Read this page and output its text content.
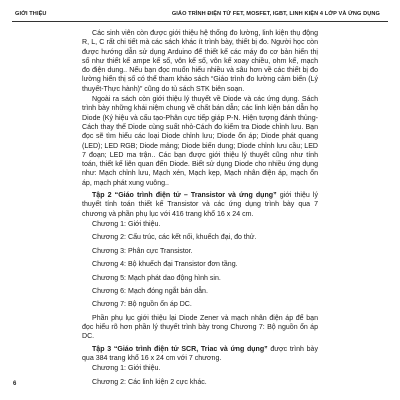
GIỚI THIỆU	GIÁO TRÌNH ĐIỆN TỬ FET, MOSFET, IGBT, LINH KIỆN 4 LỚP VÀ ỨNG DỤNG

Các sinh viên còn được giới thiệu hệ thống đo lường, linh kiện thụ động R, L, C rất chi tiết mà các sách khác ít trình bày, thiết bị đo. Người học còn được hướng dẫn sử dụng Arduino để thiết kế các máy đo cơ bản hiển thị số như thiết kế ampe kế số, vôn kế số, vôn kế xoay chiều, ohm kế, mạch đo điện dung.. Nếu bạn đọc muốn hiểu nhiều và sâu hơn về các thiết bị đo lường hiển thị số có thể tham khảo sách “Giáo trình đo lường cảm biến (Lý thuyết-Thực hành)” cũng do tủ sách STK biên soạn.

Ngoài ra sách còn giới thiệu lý thuyết về Diode và các ứng dụng. Sách trình bày những khái niệm chung về chất bán dẫn; các linh kiện bán dẫn họ Diode (Ký hiệu và cấu tạo-Phân cực tiếp giáp P-N. Hiện tượng đánh thủng-Cách thay thế Diode cùng suất nhỏ-Cách đo kiểm tra Diode chỉnh lưu. Bạn đọc sẽ tìm hiểu các loại Diode chỉnh lưu; Diode ổn áp; Diode phát quang (LED); LED RGB; Diode mảng; Diode biến dung; Diode chỉnh lưu cầu; LED 7 đoạn; LED ma trận.. Các bạn được giới thiệu lý thuyết cũng như tính toán, thiết kế liên quan đến Diode. Biết sử dụng Diode cho nhiều ứng dụng như: Mạch chỉnh lưu, Mạch xén, Mạch kẹp, Mạch nhân điện áp, mạch ổn áp, mạch phát xung vuông..

Tập 2 “Giáo trình điện tử – Transistor và ứng dụng” giới thiệu lý thuyết tính toán thiết kế Transistor và các ứng dụng trình bày qua 7 chương và phần phụ lục với 416 trang khổ 16 x 24 cm.

Chương 1: Giới thiệu.
Chương 2: Cấu trúc, các kết nối, khuếch đại, đo thử.
Chương 3: Phân cực Transistor.
Chương 4: Bộ khuếch đại Transistor đơn tầng.
Chương 5: Mạch phát dao động hình sin.
Chương 6: Mạch đóng ngắt bán dẫn.
Chương 7: Bộ nguồn ổn áp DC.

Phần phụ lục giới thiệu lại Diode Zener và mạch nhân điện áp để bạn đọc hiểu rõ hơn phần lý thuyết trình bày trong Chương 7: Bộ nguồn ổn áp DC.

Tập 3 “Giáo trình điện tử SCR, Triac và ứng dụng” được trình bày qua 384 trang khổ 16 x 24 cm với 7 chương.

Chương 1: Giới thiệu.
Chương 2: Các linh kiện 2 cực khác.
6
